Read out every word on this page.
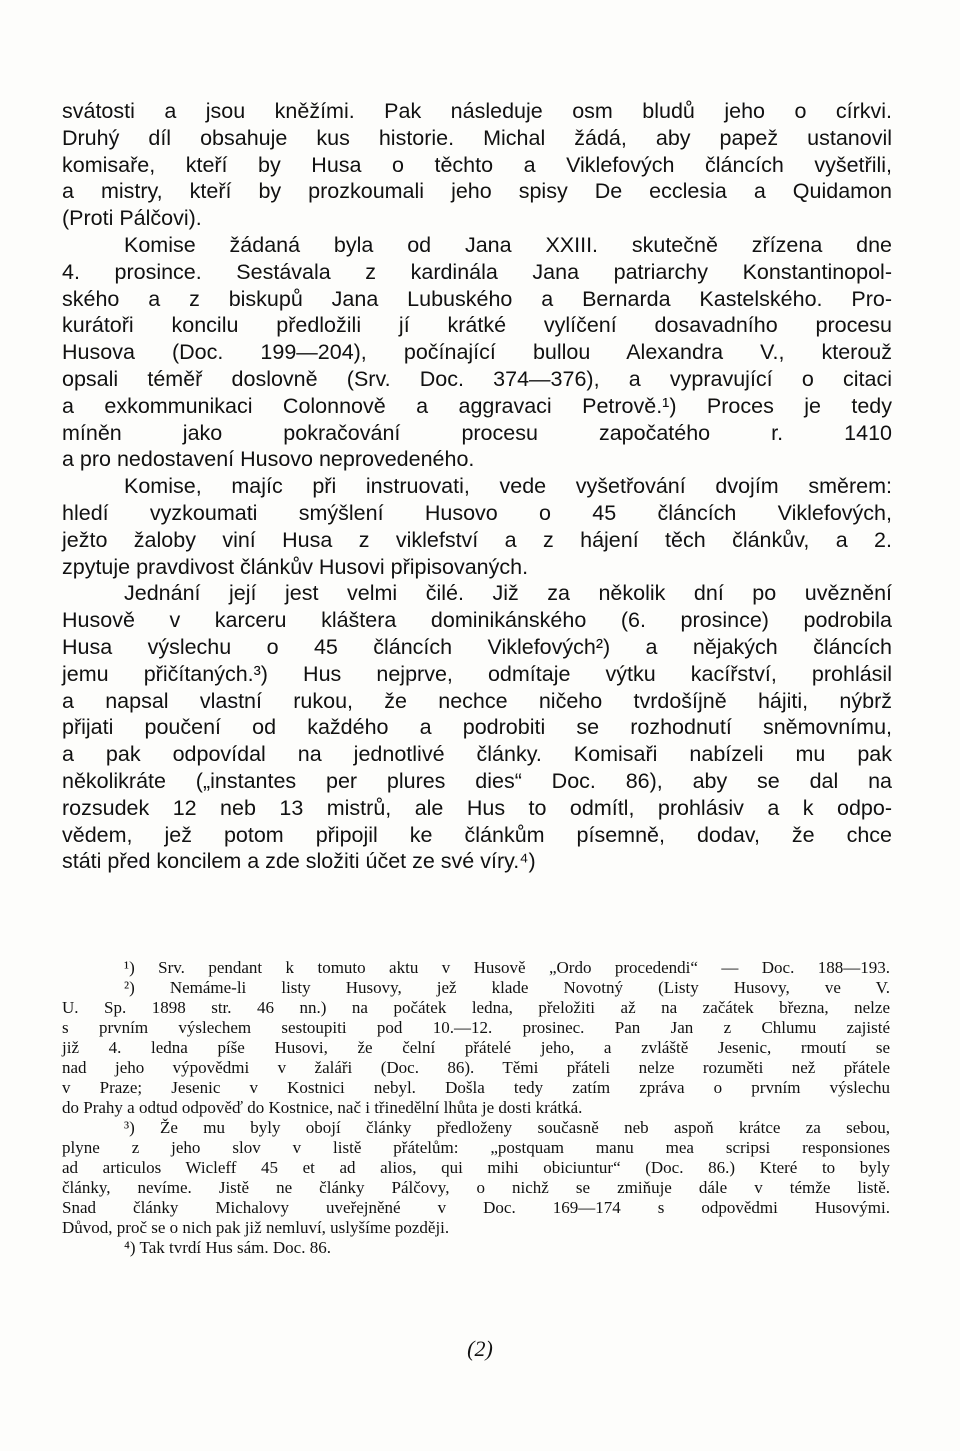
svátosti a jsou kněžími. Pak následuje osm bludů jeho o církvi.
Druhý díl obsahuje kus historie. Michal žádá, aby papež ustanovil
komisaře, kteří by Husa o těchto a Viklefových článcích vyšetřili,
a mistry, kteří by prozkoumali jeho spisy De ecclesia a Quidamon
(Proti Pálčovi).
Komise žádaná byla od Jana XXIII. skutečně zřízena dne
4. prosince. Sestávala z kardinála Jana patriarchy Konstantinopol-
ského a z biskupů Jana Lubuského a Bernarda Kastelského. Pro-
kurátoři koncilu předložili jí krátké vylíčení dosavadního procesu
Husova (Doc. 199—204), počínající bullou Alexandra V., kterouž
opsali téměř doslovně (Srv. Doc. 374—376), a vypravující o citaci
a exkommunikaci Colonnově a aggravaci Petrově.¹) Proces je tedy
míněn jako pokračování procesu započatého r. 1410
a pro nedostavení Husovo neprovedeného.
Komise, majíc při instruovati, vede vyšetřování dvojím směrem:
hledí vyzkoumati smýšlení Husovo o 45 článcích Viklefových,
ježto žaloby viní Husa z viklefství a z hájení těch článkův, a 2.
zpytuje pravdivost článkův Husovi připisovaných.
Jednání její jest velmi čilé. Již za několik dní po uvěznění
Husově v karceru kláštera dominikánského (6. prosince) podrobila
Husa výslechu o 45 článcích Viklefových²) a nějakých článcích
jemu přičítaných.³) Hus nejprve, odmítaje výtku kacířství, prohlásil
a napsal vlastní rukou, že nechce ničeho tvrdošíjně hájiti, nýbrž
přijati poučení od každého a podrobiti se rozhodnutí sněmovnímu,
a pak odpovídal na jednotlivé články. Komisaři nabízeli mu pak
několikráte („instantes per plures dies“ Doc. 86), aby se dal na
rozsudek 12 neb 13 mistrů, ale Hus to odmítl, prohlásiv a k odpo-
vědem, jež potom připojil ke článkům písemně, dodav, že chce
státi před koncilem a zde složiti účet ze své víry.⁴)
¹) Srv. pendant k tomuto aktu v Husově „Ordo procedendi“ — Doc. 188—193.
²) Nemáme-li listy Husovy, jež klade Novotný (Listy Husovy, ve V.
U. Sp. 1898 str. 46 nn.) na počátek ledna, přeložiti až na začátek března, nelze
s prvním výslechem sestoupiti pod 10.—12. prosinec. Pan Jan z Chlumu zajisté
již 4. ledna píše Husovi, že čelní přátelé jeho, a zvláště Jesenic, rmoutí se
nad jeho výpovědmi v žaláři (Doc. 86). Těmi přáteli nelze rozuměti než přátele
v Praze; Jesenic v Kostnici nebyl. Došla tedy zatím zpráva o prvním výslechu
do Prahy a odtud odpověď do Kostnice, nač i třinedělní lhůta je dosti krátká.
³) Že mu byly obojí články předloženy současně neb aspoň krátce za sebou,
plyne z jeho slov v listě přátelům: „postquam manu mea scripsi responsiones
ad articulos Wicleff 45 et ad alios, qui mihi obiciuntur“ (Doc. 86.) Které to byly
články, nevíme. Jistě ne články Pálčovy, o nichž se zmiňuje dále v témže listě.
Snad články Michalovy uveřejněné v Doc. 169—174 s odpovědmi Husovými.
Důvod, proč se o nich pak již nemluví, uslyšíme později.
⁴) Tak tvrdí Hus sám. Doc. 86.
(2)
